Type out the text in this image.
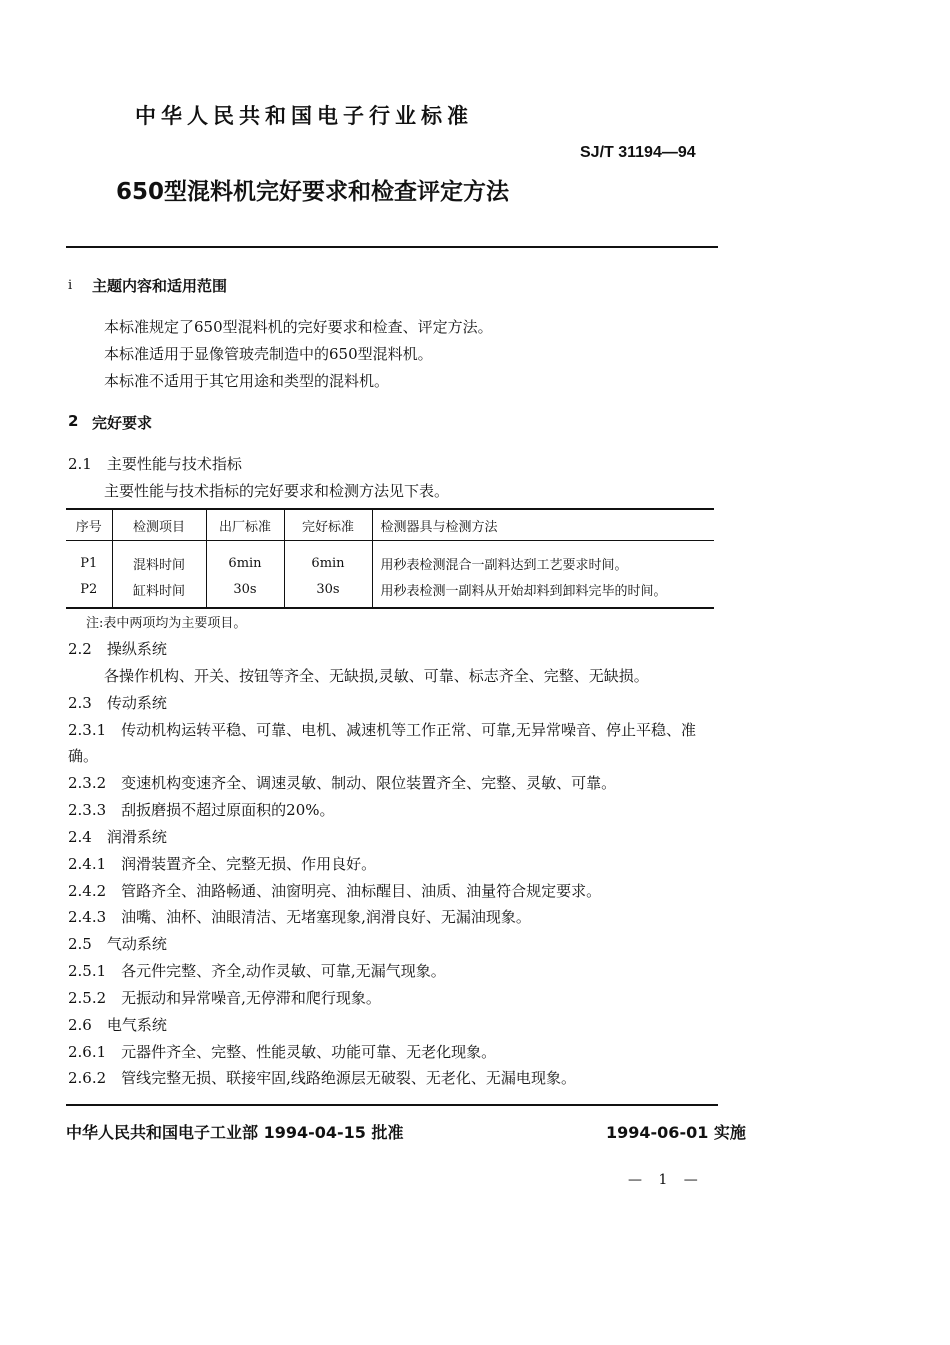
中华人民共和国电子行业标准
SJ/T 31194—94
650型混料机完好要求和检查评定方法
i 主题内容和适用范围
本标准规定了650型混料机的完好要求和检查、评定方法。
本标准适用于显像管玻壳制造中的650型混料机。
本标准不适用于其它用途和类型的混料机。
2 完好要求
2.1　主要性能与技术指标
主要性能与技术指标的完好要求和检测方法见下表。
序号	检测项目	出厂标准	完好标准	检测器具与检测方法
P1	混料时间	6min	6min	用秒表检测混合一副料达到工艺要求时间。
P2	缸料时间	30s	30s	用秒表检测一副料从开始却料到卸料完毕的时间。
注:表中两项均为主要项目。
2.2　操纵系统
各操作机构、开关、按钮等齐全、无缺损,灵敏、可靠、标志齐全、完整、无缺损。
2.3　传动系统
2.3.1　传动机构运转平稳、可靠、电机、减速机等工作正常、可靠,无异常噪音、停止平稳、准
确。
2.3.2　变速机构变速齐全、调速灵敏、制动、限位装置齐全、完整、灵敏、可靠。
2.3.3　刮扳磨损不超过原面积的20%。
2.4　润滑系统
2.4.1　润滑装置齐全、完整无损、作用良好。
2.4.2　管路齐全、油路畅通、油窗明亮、油标醒目、油质、油量符合规定要求。
2.4.3　油嘴、油杯、油眼清洁、无堵塞现象,润滑良好、无漏油现象。
2.5　气动系统
2.5.1　各元件完整、齐全,动作灵敏、可靠,无漏气现象。
2.5.2　无振动和异常噪音,无停滞和爬行现象。
2.6　电气系统
2.6.1　元器件齐全、完整、性能灵敏、功能可靠、无老化现象。
2.6.2　管线完整无损、联接牢固,线路绝源层无破裂、无老化、无漏电现象。
中华人民共和国电子工业部 1994-04-15 批准	1994-06-01 实施
— 1 —
